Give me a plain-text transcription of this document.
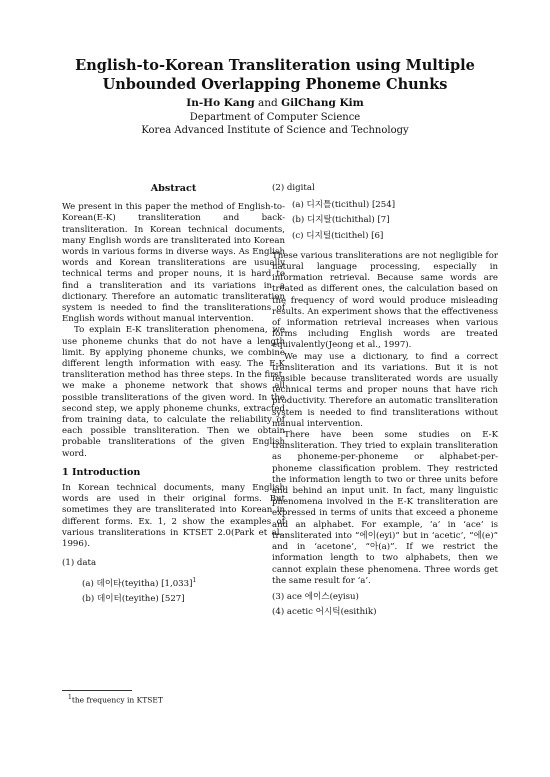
English-to-Korean Transliteration using Multiple Unbounded Overlapping Phoneme Chunks
In-Ho Kang and GilChang Kim
Department of Computer Science
Korea Advanced Institute of Science and Technology
Abstract

We present in this paper the method of English-to-Korean(E-K) transliteration and back-transliteration. In Korean technical documents, many English words are transliterated into Korean words in various forms in diverse ways. As English words and Korean transliterations are usually technical terms and proper nouns, it is hard to find a transliteration and its variations in a dictionary. Therefore an automatic transliteration system is needed to find the transliterations of English words without manual intervention.

To explain E-K transliteration phenomena, we use phoneme chunks that do not have a length limit. By applying phoneme chunks, we combine different length information with easy. The E-K transliteration method has three steps. In the first, we make a phoneme network that shows all possible transliterations of the given word. In the second step, we apply phoneme chunks, extracted from training data, to calculate the reliability of each possible transliteration. Then we obtain probable transliterations of the given English word.

1 Introduction

In Korean technical documents, many English words are used in their original forms. But sometimes they are transliterated into Korean in different forms. Ex. 1, 2 show the examples of various transliterations in KTSET 2.0(Park et al., 1996).

(1) data
(a) 데이타(teyitha) $[1,033]^1$
(b) 데이터(teyithe) [527]
$^1$the frequency in KTSET
(2) digital
(a) 디지틀(ticithul) [254]
(b) 디지탈(tichithal) [7]
(c) 디지털(ticithel) [6]

These various transliterations are not negligible for natural language processing, especially in information retrieval. Because same words are treated as different ones, the calculation based on the frequency of word would produce misleading results. An experiment shows that the effectiveness of information retrieval increases when various forms including English words are treated equivalently(Jeong et al., 1997).

We may use a dictionary, to find a correct transliteration and its variations. But it is not feasible because transliterated words are usually technical terms and proper nouns that have rich productivity. Therefore an automatic transliteration system is needed to find transliterations without manual intervention.

There have been some studies on E-K transliteration. They tried to explain transliteration as phoneme-per-phoneme or alphabet-per-phoneme classification problem. They restricted the information length to two or three units before and behind an input unit. In fact, many linguistic phenomena involved in the E-K transliteration are expressed in terms of units that exceed a phoneme and an alphabet. For example, ‘a’ in ‘ace’ is transliterated into “에이(eyi)” but in ‘acetic’, “에(e)” and in ‘acetone’, “아(a)”. If we restrict the information length to two alphabets, then we cannot explain these phenomena. Three words get the same result for ‘a’.

(3) ace 에이스(eyisu)
(4) acetic 어시틱(esithik)
